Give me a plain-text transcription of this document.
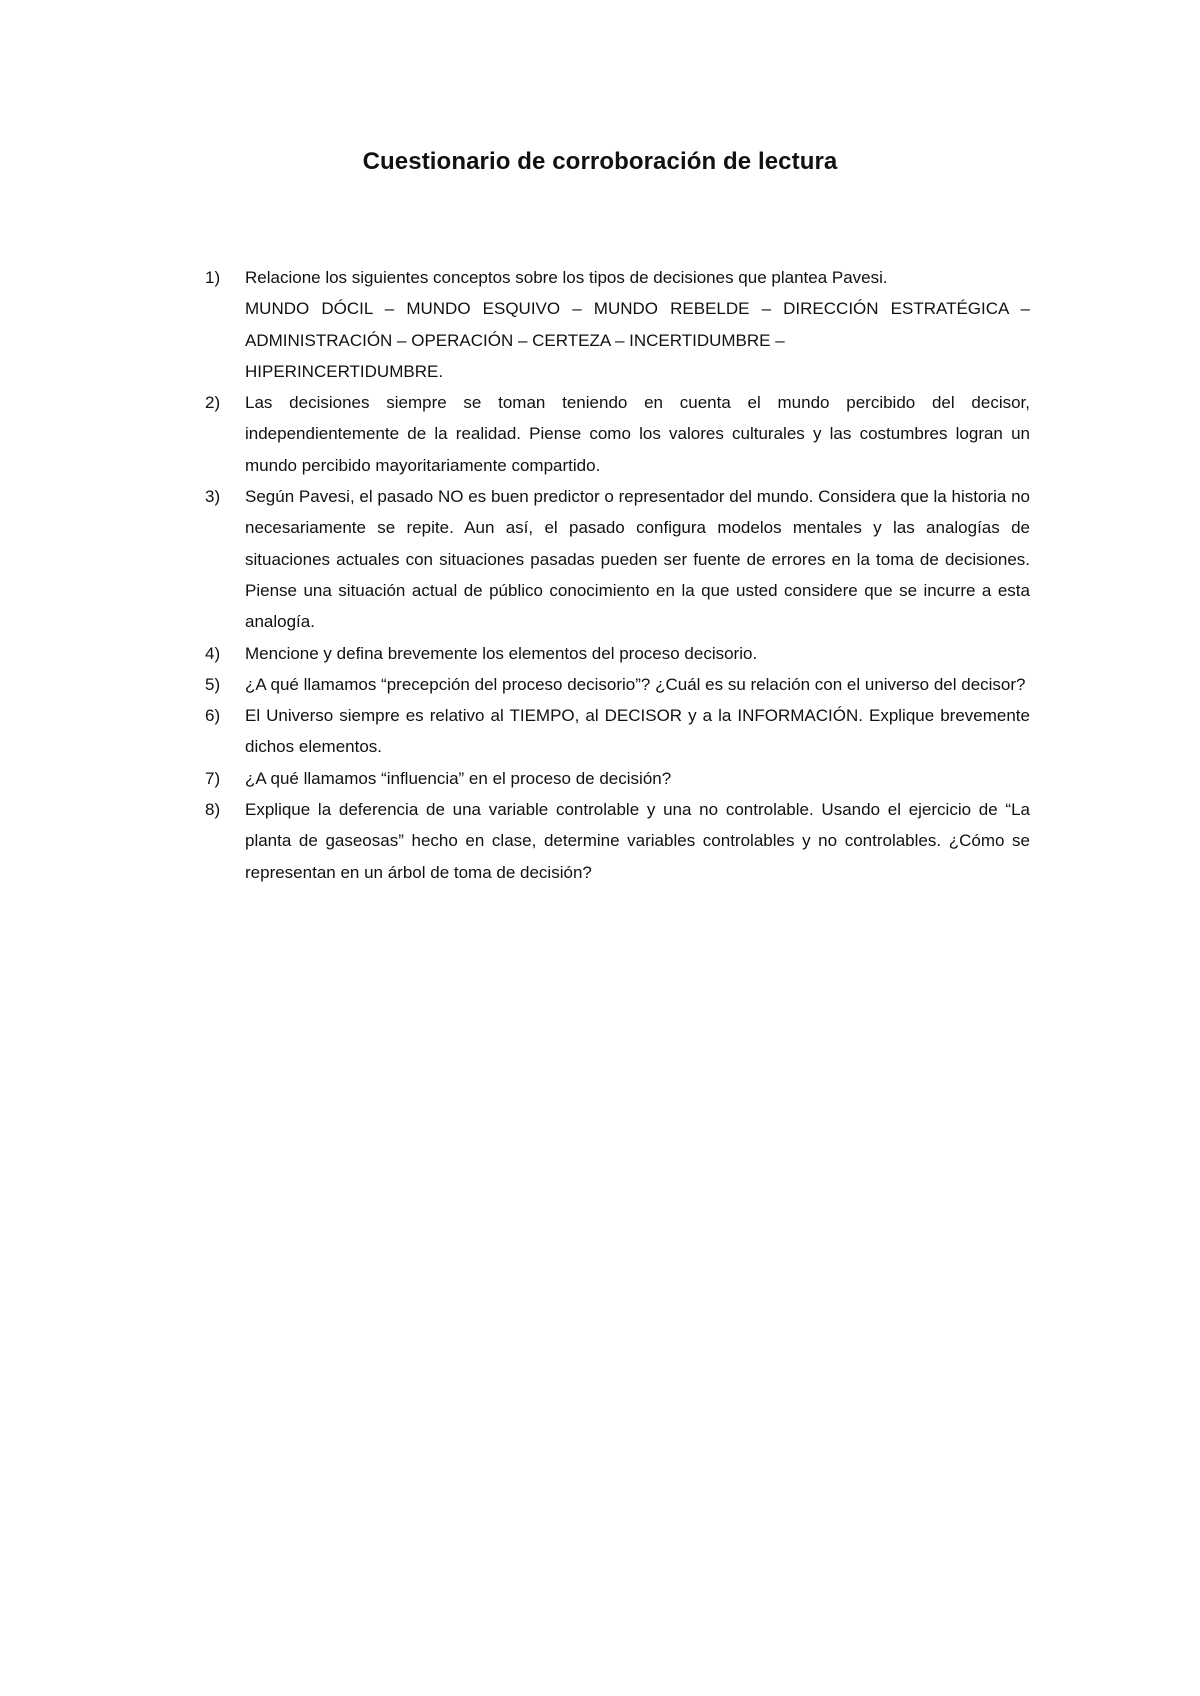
Cuestionario de corroboración de lectura
1)	Relacione los siguientes conceptos sobre los tipos de decisiones que plantea Pavesi.
MUNDO DÓCIL – MUNDO ESQUIVO – MUNDO REBELDE – DIRECCIÓN ESTRATÉGICA – ADMINISTRACIÓN – OPERACIÓN – CERTEZA – INCERTIDUMBRE –
HIPERINCERTIDUMBRE.
2)	Las decisiones siempre se toman teniendo en cuenta el mundo percibido del decisor, independientemente de la realidad. Piense como los valores culturales y las costumbres logran un mundo percibido mayoritariamente compartido.
3)	Según Pavesi, el pasado NO es buen predictor o representador del mundo. Considera que la historia no necesariamente se repite. Aun así, el pasado configura modelos mentales y las analogías de situaciones actuales con situaciones pasadas pueden ser fuente de errores en la toma de decisiones. Piense una situación actual de público conocimiento en la que usted considere que se incurre a esta analogía.
4)	Mencione y defina brevemente los elementos del proceso decisorio.
5)	¿A qué llamamos “precepción del proceso decisorio”? ¿Cuál es su relación con el universo del decisor?
6)	El Universo siempre es relativo al TIEMPO, al DECISOR y a la INFORMACIÓN. Explique brevemente dichos elementos.
7)	¿A qué llamamos “influencia” en el proceso de decisión?
8)	Explique la deferencia de una variable controlable y una no controlable. Usando el ejercicio de “La planta de gaseosas” hecho en clase, determine variables controlables y no controlables. ¿Cómo se representan en un árbol de toma de decisión?
